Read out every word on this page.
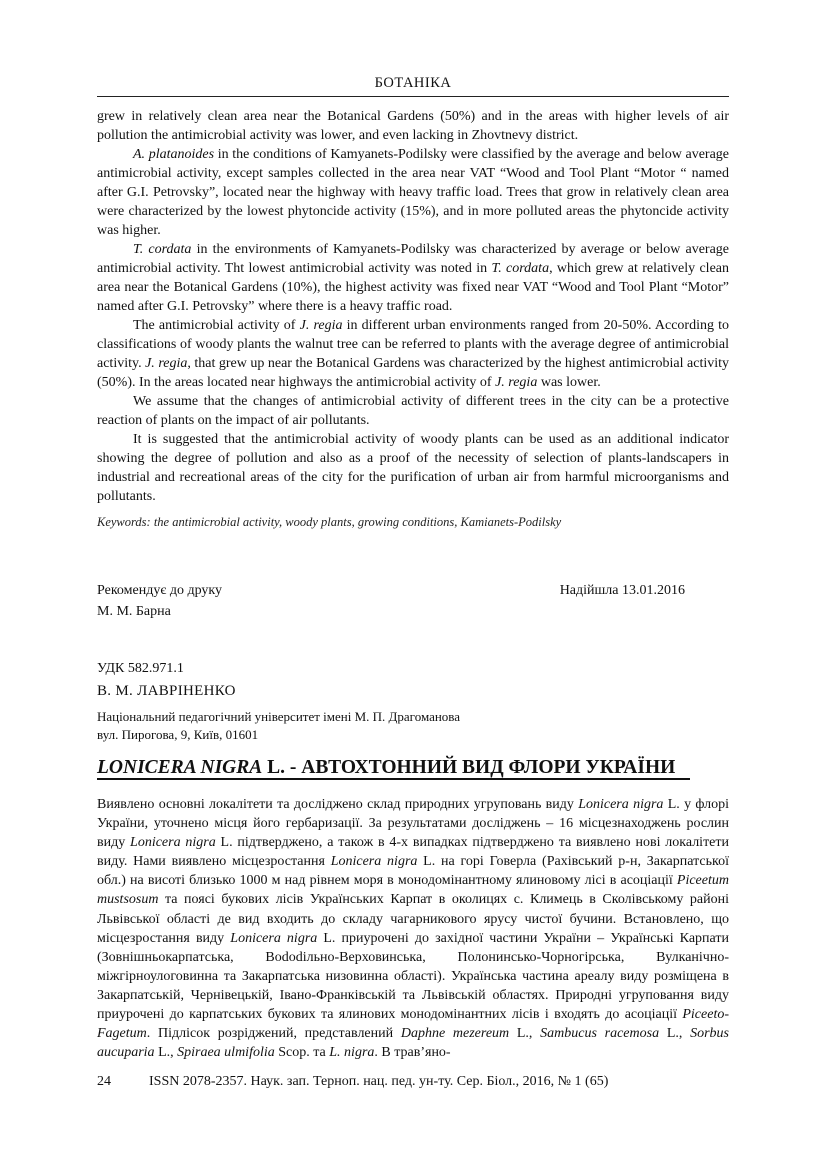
БОТАНІКА

grew in relatively clean area near the Botanical Gardens (50%) and in the areas with higher levels of air pollution the antimicrobial activity was lower, and even lacking in Zhovtnevy district.

A. platanoides in the conditions of Kamyanets-Podilsky were classified by the average and below average antimicrobial activity, except samples collected in the area near VAT “Wood and Tool Plant “Motor “ named after G.I. Petrovsky”, located near the highway with heavy traffic load. Trees that grow in relatively clean area were characterized by the lowest phytoncide activity (15%), and in more polluted areas the phytoncide activity was higher.

T. cordata in the environments of Kamyanets-Podilsky was characterized by average or below average antimicrobial activity. Tht lowest antimicrobial activity was noted in T. cordata, which grew at relatively clean area near the Botanical Gardens (10%), the highest activity was fixed near VAT “Wood and Tool Plant “Motor” named after G.I. Petrovsky” where there is a heavy traffic road.

The antimicrobial activity of J. regia in different urban environments ranged from 20-50%. According to classifications of woody plants the walnut tree can be referred to plants with the average degree of antimicrobial activity. J. regia, that grew up near the Botanical Gardens was characterized by the highest antimicrobial activity (50%). In the areas located near highways the antimicrobial activity of J. regia was lower.

We assume that the changes of antimicrobial activity of different trees in the city can be a protective reaction of plants on the impact of air pollutants.

It is suggested that the antimicrobial activity of woody plants can be used as an additional indicator showing the degree of pollution and also as a proof of the necessity of selection of plants-landscapers in industrial and recreational areas of the city for the purification of urban air from harmful microorganisms and pollutants.

Keywords: the antimicrobial activity, woody plants, growing conditions, Kamianets-Podilsky
Рекомендує до друку
М. М. Барна
Надійшла 13.01.2016
УДК 582.971.1
В. М. ЛАВРІНЕНКО
Національний педагогічний університет імені М. П. Драгоманова
вул. Пирогова, 9, Київ, 01601
LONICERA NIGRA L. - АВТОХТОННИЙ ВИД ФЛОРИ УКРАЇНИ

Виявлено основні локалітети та досліджено склад природних угруповань виду Lonicera nigra L. у флорі України, уточнено місця його гербаризації. За результатами досліджень – 16 місцезнаходжень рослин виду Lonicera nigra L. підтверджено, а також в 4-х випадках підтверджено та виявлено нові локалітети виду. Нами виявлено місцезростання Lonicera nigra L. на горі Говерла (Рахівський р-н, Закарпатської обл.) на висоті близько 1000 м над рівнем моря в монодомінантному ялиновому лісі в асоціації Piceetum mustsosum та поясі букових лісів Українських Карпат в околицях с. Климець в Сколівському районі Львівської області де вид входить до складу чагарникового ярусу чистої бучини. Встановлено, що місцезростання виду Lonicera nigra L. приурочені до західної частини України – Українські Карпати (Зовнішньокарпатська, Вododільно-Верховинська, Полонинсько-Чорногірська, Вулканічно-міжгірноулоговинна та Закарпатська низовинна області). Українська частина ареалу виду розміщена в Закарпатській, Чернівецькій, Івано-Франківській та Львівській областях. Природні угруповання виду приурочені до карпатських букових та ялинових монодомінантних лісів і входять до асоціації Piceeto-Fagetum. Підлісок розріджений, представлений Daphne mezereum L., Sambucus racemosa L., Sorbus aucuparia L., Spiraea ulmifolia Scop. та L. nigra. В трав’яно-

24	ISSN 2078-2357. Наук. зап. Терноп. нац. пед. ун-ту. Сер. Біол., 2016, № 1 (65)
